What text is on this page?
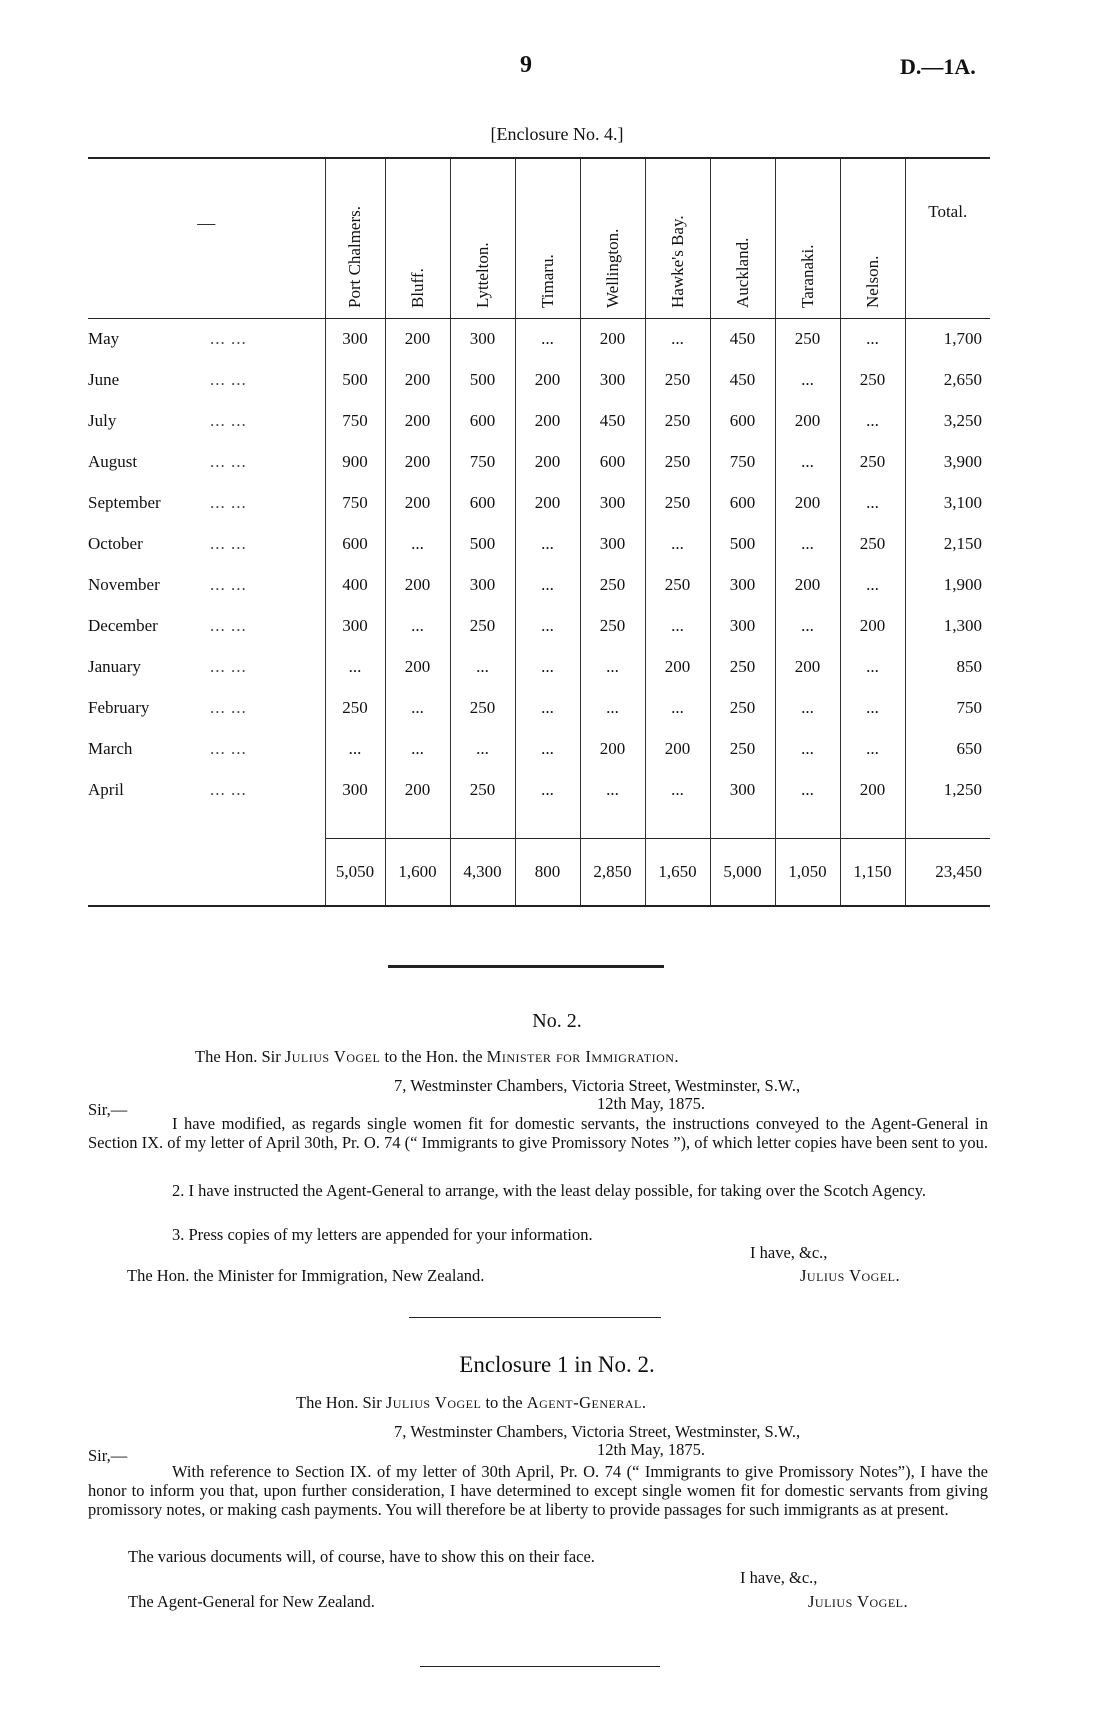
9	D.—1A.
[Enclosure No. 4.]
—	Port Chalmers.	Bluff.	Lyttelton.	Timaru.	Wellington.	Hawke's Bay.	Auckland.	Taranaki.	Nelson.	Total.

May ... ...	300	200	300	...	200	...	450	250	...	1,700
June ... ...	500	200	500	200	300	250	450	...	250	2,650
July ... ...	750	200	600	200	450	250	600	200	...	3,250
August ... ...	900	200	750	200	600	250	750	...	250	3,900
September ... ...	750	200	600	200	300	250	600	200	...	3,100
October ... ...	600	...	500	...	300	...	500	...	250	2,150
November ... ...	400	200	300	...	250	250	300	200	...	1,900
December ... ...	300	...	250	...	250	...	300	...	200	1,300
January ... ...	...	200	...	...	...	200	250	200	...	850
February ... ...	250	...	250	...	...	...	250	...	...	750
March ... ...	...	...	...	...	200	200	250	...	...	650
April ... ...	300	200	250	...	...	...	300	...	200	1,250

	5,050	1,600	4,300	800	2,850	1,650	5,000	1,050	1,150	23,450
No. 2.
The Hon. Sir Julius Vogel to the Hon. the Minister for Immigration.
7, Westminster Chambers, Victoria Street, Westminster, S.W.,
Sir,—	12th May, 1875.
I have modified, as regards single women fit for domestic servants, the instructions conveyed to the Agent-General in Section IX. of my letter of April 30th, Pr. O. 74 (“ Immigrants to give Promissory Notes ”), of which letter copies have been sent to you.
2. I have instructed the Agent-General to arrange, with the least delay possible, for taking over the Scotch Agency.
3. Press copies of my letters are appended for your information.
I have, &c.,
The Hon. the Minister for Immigration, New Zealand.	Julius Vogel.
Enclosure 1 in No. 2.
The Hon. Sir Julius Vogel to the Agent-General.
7, Westminster Chambers, Victoria Street, Westminster, S.W.,
Sir,—	12th May, 1875.
With reference to Section IX. of my letter of 30th April, Pr. O. 74 (“ Immigrants to give Promissory Notes”), I have the honor to inform you that, upon further consideration, I have determined to except single women fit for domestic servants from giving promissory notes, or making cash payments. You will therefore be at liberty to provide passages for such immigrants as at present.
The various documents will, of course, have to show this on their face.
I have, &c.,
The Agent-General for New Zealand.	Julius Vogel.
